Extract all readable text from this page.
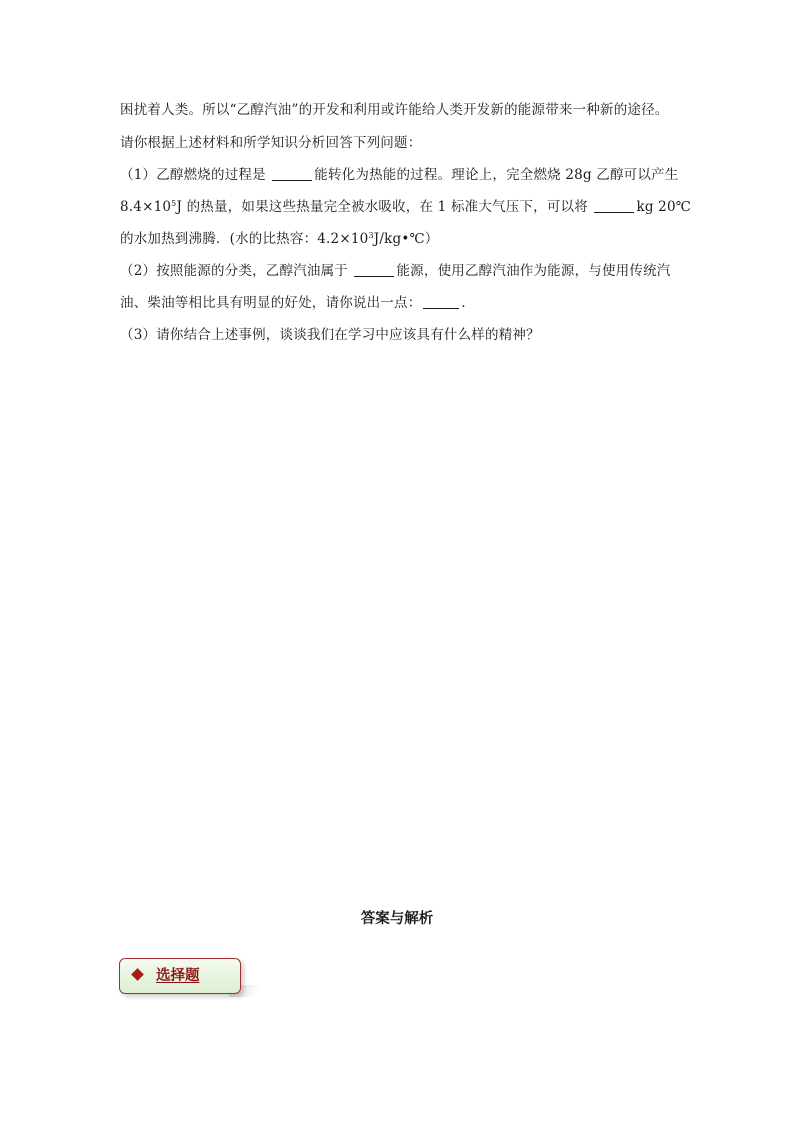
困扰着人类。所以“乙醇汽油”的开发和利用或许能给人类开发新的能源带来一种新的途径。
请你根据上述材料和所学知识分析回答下列问题：
（1）乙醇燃烧的过程是	能转化为热能的过程。理论上，完全燃烧 28g 乙醇可以产生
$8.4\times 10^5J$ 的热量，如果这些热量完全被水吸收，在 1 标准大气压下，可以将	kg 20℃
的水加热到沸腾．(水的比热容：$4.2\times 10^3J/kg•℃$）
（2）按照能源的分类，乙醇汽油属于	能源，使用乙醇汽油作为能源，与使用传统汽
油、柴油等相比具有明显的好处，请你说出一点：	．
（3）请你结合上述事例，谈谈我们在学习中应该具有什么样的精神？
答案与解析
选择题
